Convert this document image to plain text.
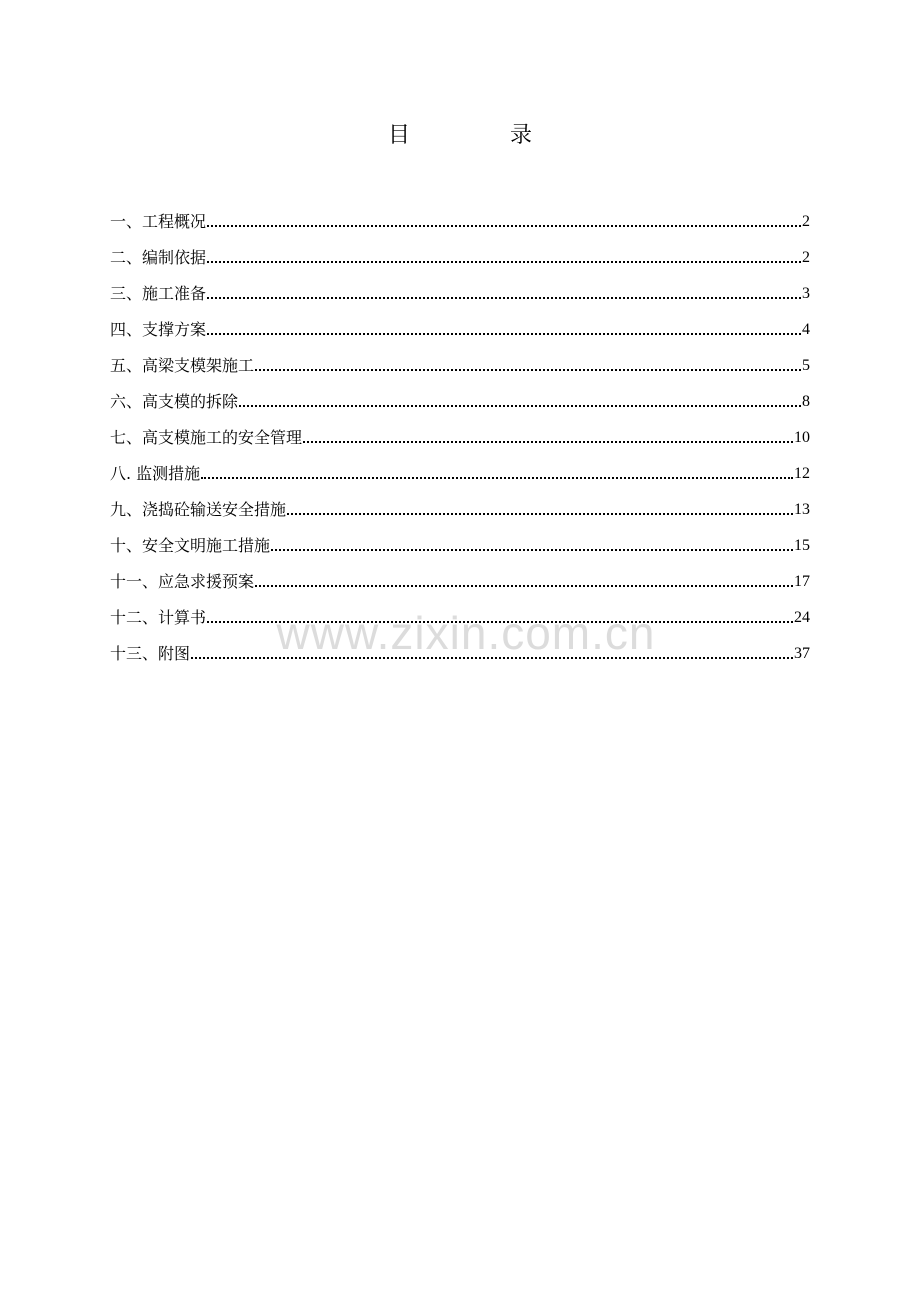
目	录
一、工程概况	2
二、编制依据	2
三、施工准备	3
四、支撑方案	4
五、高梁支模架施工	5
六、高支模的拆除	8
七、高支模施工的安全管理	10
八. 监测措施	12
九、浇捣砼输送安全措施	13
十、安全文明施工措施	15
十一、应急求援预案	17
十二、计算书	24
十三、附图	37
www.zixin.com.cn
